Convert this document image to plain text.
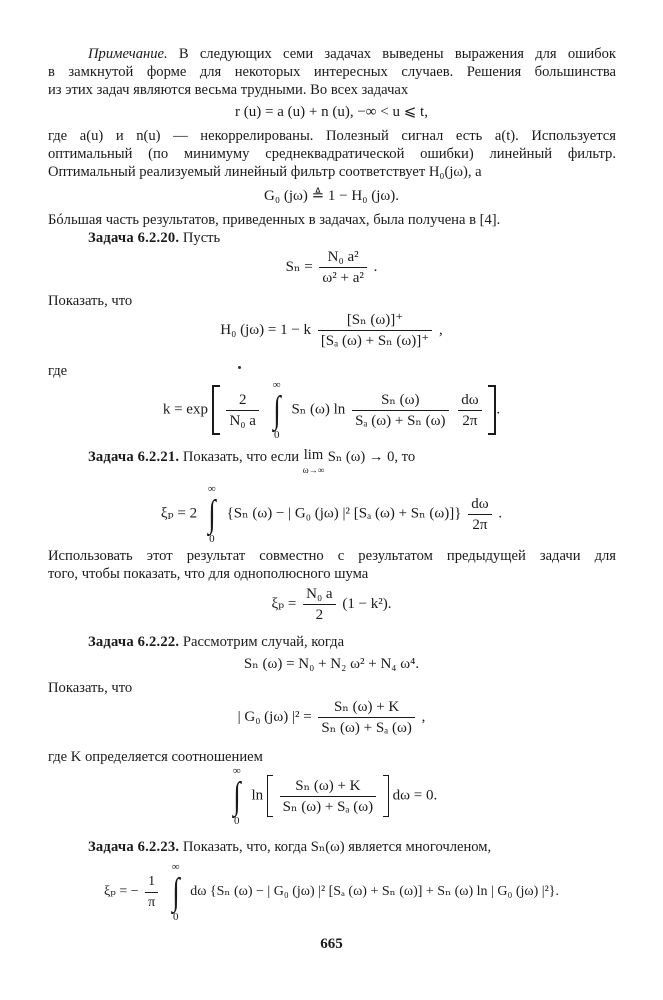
Примечание. В следующих семи задачах выведены выражения для ошибок
в замкнутой форме для некоторых интересных случаев. Решения большинства
из этих задач являются весьма трудными. Во всех задачах
r (u) = a (u) + n (u), −∞ < u ⩽ t,
где a(u) и n(u) — некоррелированы. Полезный сигнал есть a(t). Используется
оптимальный (по минимуму среднеквадратической ошибки) линейный фильтр.
Оптимальный реализуемый линейный фильтр соответствует H₀(jω), а
G₀ (jω) ≜ 1 − H₀ (jω).
Бóльшая часть результатов, приведенных в задачах, была получена в [4].
Задача 6.2.20. Пусть
$S_n = \frac{\text{N₀ a²}}{\text{ω² + a²}}$ .
Показать, что
H₀ (jω) = 1 − k $\frac{\text{[Sₙ (ω)]⁺}}{\text{[Sₐ (ω) + Sₙ (ω)]⁺}}$ ,
где
$k = \exp \frac{2}{\text{N₀ a}}$

∞
∫
0
Sₙ (ω) $\ln \frac{\text{Sₙ (ω)}}{\text{Sₐ (ω) + Sₙ (ω)}}$
$\frac{d\omega}{2\pi}$ .
Задача 6.2.21. Показать, что если lim
ω→∞ Sₙ (ω) → 0, то
ξₚ = 2
∞
∫
0
{Sₙ (ω) − | G₀ (jω) |² [Sₐ (ω) + Sₙ $(\omega)]\} \frac{d\omega}{2\pi}$ .
Использовать этот результат совместно с результатом предыдущей задачи для
того, чтобы показать, что для однополюсного шума
$\xi_p = \frac{\text{N₀ a}}{2} (1 - k^2)$.
Задача 6.2.22. Рассмотрим случай, когда
Sₙ (ω) = N₀ + N₂ ω² + N₄ ω⁴.
Показать, что
| G₀ (jω) $|^2 = \frac{\text{Sₙ (ω) + K}}{\text{Sₙ (ω) + Sₐ (ω)}}$ ,
где K определяется соотношением
∞
∫
0
$\ln \frac{\text{Sₙ (ω) + K}}{\text{Sₙ (ω) + Sₐ (ω)}}$ dω = 0.
Задача 6.2.23. Показать, что, когда Sₙ(ω) является многочленом,
ξₚ = − $\frac{1}{\pi}$

∞
∫
0
dω {Sₙ (ω) − | G₀ (jω) |² [Sₐ (ω) + Sₙ (ω)] + Sₙ (ω) ln | G₀ (jω) |²}.
665
